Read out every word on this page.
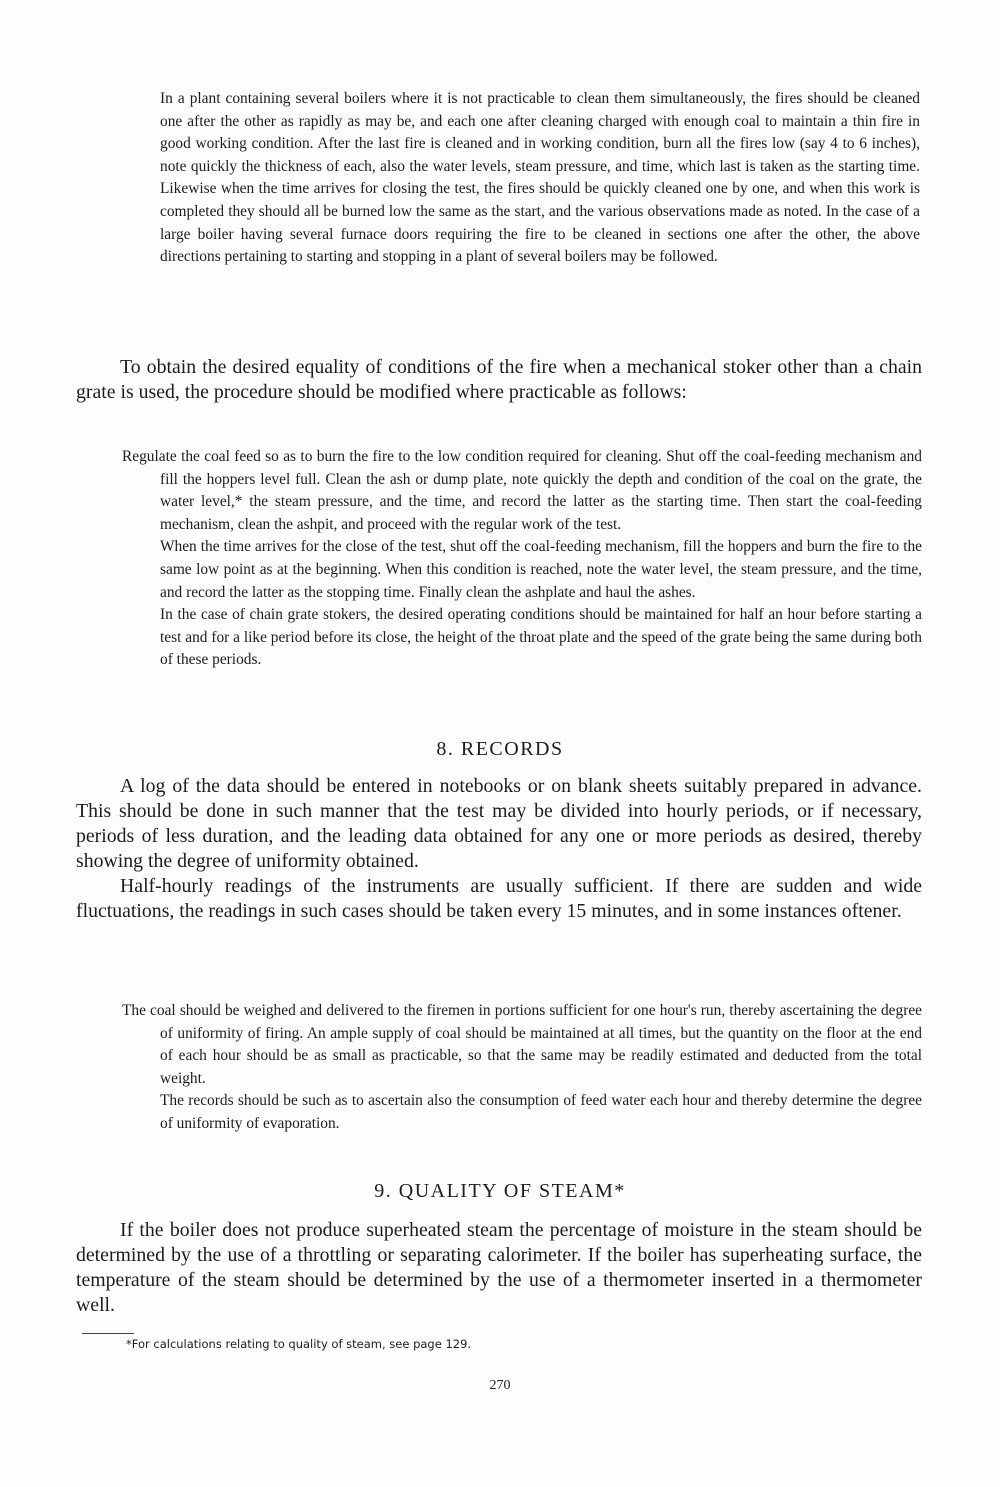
In a plant containing several boilers where it is not practicable to clean them simultaneously, the fires should be cleaned one after the other as rapidly as may be, and each one after cleaning charged with enough coal to maintain a thin fire in good working condition. After the last fire is cleaned and in working condition, burn all the fires low (say 4 to 6 inches), note quickly the thickness of each, also the water levels, steam pressure, and time, which last is taken as the starting time. Likewise when the time arrives for closing the test, the fires should be quickly cleaned one by one, and when this work is completed they should all be burned low the same as the start, and the various observations made as noted. In the case of a large boiler having several furnace doors requiring the fire to be cleaned in sections one after the other, the above directions pertaining to starting and stopping in a plant of several boilers may be followed.

To obtain the desired equality of conditions of the fire when a mechanical stoker other than a chain grate is used, the procedure should be modified where practicable as follows:

Regulate the coal feed so as to burn the fire to the low condition required for cleaning. Shut off the coal-feeding mechanism and fill the hoppers level full. Clean the ash or dump plate, note quickly the depth and condition of the coal on the grate, the water level,* the steam pressure, and the time, and record the latter as the starting time. Then start the coal-feeding mechanism, clean the ashpit, and proceed with the regular work of the test.

When the time arrives for the close of the test, shut off the coal-feeding mechanism, fill the hoppers and burn the fire to the same low point as at the beginning. When this condition is reached, note the water level, the steam pressure, and the time, and record the latter as the stopping time. Finally clean the ashplate and haul the ashes.

In the case of chain grate stokers, the desired operating conditions should be maintained for half an hour before starting a test and for a like period before its close, the height of the throat plate and the speed of the grate being the same during both of these periods.

8. RECORDS

A log of the data should be entered in notebooks or on blank sheets suitably prepared in advance. This should be done in such manner that the test may be divided into hourly periods, or if necessary, periods of less duration, and the leading data obtained for any one or more periods as desired, thereby showing the degree of uniformity obtained.

Half-hourly readings of the instruments are usually sufficient. If there are sudden and wide fluctuations, the readings in such cases should be taken every 15 minutes, and in some instances oftener.

The coal should be weighed and delivered to the firemen in portions sufficient for one hour's run, thereby ascertaining the degree of uniformity of firing. An ample supply of coal should be maintained at all times, but the quantity on the floor at the end of each hour should be as small as practicable, so that the same may be readily estimated and deducted from the total weight.

The records should be such as to ascertain also the consumption of feed water each hour and thereby determine the degree of uniformity of evaporation.

9. QUALITY OF STEAM*

If the boiler does not produce superheated steam the percentage of moisture in the steam should be determined by the use of a throttling or separating calorimeter. If the boiler has superheating surface, the temperature of the steam should be determined by the use of a thermometer inserted in a thermometer well.

*For calculations relating to quality of steam, see page 129.

270
